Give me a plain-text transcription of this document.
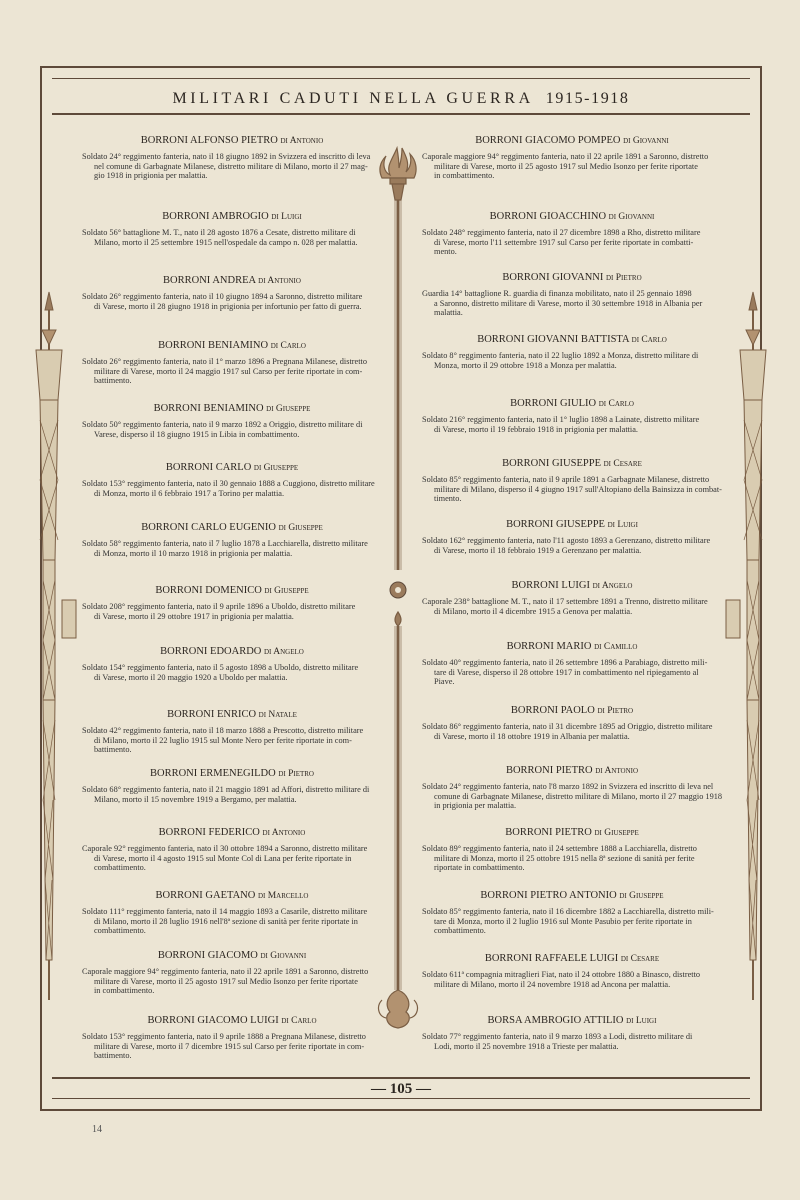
MILITARI CADUTI NELLA GUERRA 1915-1918
BORRONI ALFONSO PIETRO di Antonio
Soldato 24° reggimento fanteria, nato il 18 giugno 1892 in Svizzera ed inscritto di leva
nel comune di Garbagnate Milanese, distretto militare di Milano, morto il 27 mag-
gio 1918 in prigionia per malattia.
BORRONI AMBROGIO di Luigi
Soldato 56° battaglione M. T., nato il 28 agosto 1876 a Cesate, distretto militare di
Milano, morto il 25 settembre 1915 nell'ospedale da campo n. 028 per malattia.
BORRONI ANDREA di Antonio
Soldato 26° reggimento fanteria, nato il 10 giugno 1894 a Saronno, distretto militare
di Varese, morto il 28 giugno 1918 in prigionia per infortunio per fatto di guerra.
BORRONI BENIAMINO di Carlo
Soldato 26° reggimento fanteria, nato il 1° marzo 1896 a Pregnana Milanese, distretto
militare di Varese, morto il 24 maggio 1917 sul Carso per ferite riportate in com-
battimento.
BORRONI BENIAMINO di Giuseppe
Soldato 50° reggimento fanteria, nato il 9 marzo 1892 a Origgio, distretto militare di
Varese, disperso il 18 giugno 1915 in Libia in combattimento.
BORRONI CARLO di Giuseppe
Soldato 153° reggimento fanteria, nato il 30 gennaio 1888 a Cuggiono, distretto militare
di Monza, morto il 6 febbraio 1917 a Torino per malattia.
BORRONI CARLO EUGENIO di Giuseppe
Soldato 58° reggimento fanteria, nato il 7 luglio 1878 a Lacchiarella, distretto militare
di Monza, morto il 10 marzo 1918 in prigionia per malattia.
BORRONI DOMENICO di Giuseppe
Soldato 208° reggimento fanteria, nato il 9 aprile 1896 a Uboldo, distretto militare
di Varese, morto il 29 ottobre 1917 in prigionia per malattia.
BORRONI EDOARDO di Angelo
Soldato 154° reggimento fanteria, nato il 5 agosto 1898 a Uboldo, distretto militare
di Varese, morto il 20 maggio 1920 a Uboldo per malattia.
BORRONI ENRICO di Natale
Soldato 42° reggimento fanteria, nato il 18 marzo 1888 a Prescotto, distretto militare
di Milano, morto il 22 luglio 1915 sul Monte Nero per ferite riportate in com-
battimento.
BORRONI ERMENEGILDO di Pietro
Soldato 68° reggimento fanteria, nato il 21 maggio 1891 ad Affori, distretto militare di
Milano, morto il 15 novembre 1919 a Bergamo, per malattia.
BORRONI FEDERICO di Antonio
Caporale 92° reggimento fanteria, nato il 30 ottobre 1894 a Saronno, distretto militare
di Varese, morto il 4 agosto 1915 sul Monte Col di Lana per ferite riportate in
combattimento.
BORRONI GAETANO di Marcello
Soldato 111° reggimento fanteria, nato il 14 maggio 1893 a Casarile, distretto militare
di Milano, morto il 28 luglio 1916 nell'8ª sezione di sanità per ferite riportate in
combattimento.
BORRONI GIACOMO di Giovanni
Caporale maggiore 94° reggimento fanteria, nato il 22 aprile 1891 a Saronno, distretto
militare di Varese, morto il 25 agosto 1917 sul Medio Isonzo per ferite riportate
in combattimento.
BORRONI GIACOMO LUIGI di Carlo
Soldato 153° reggimento fanteria, nato il 9 aprile 1888 a Pregnana Milanese, distretto
militare di Varese, morto il 7 dicembre 1915 sul Carso per ferite riportate in com-
battimento.
BORRONI GIACOMO POMPEO di Giovanni
Caporale maggiore 94° reggimento fanteria, nato il 22 aprile 1891 a Saronno, distretto
militare di Varese, morto il 25 agosto 1917 sul Medio Isonzo per ferite riportate
in combattimento.
BORRONI GIOACCHINO di Giovanni
Soldato 248° reggimento fanteria, nato il 27 dicembre 1898 a Rho, distretto militare
di Varese, morto l'11 settembre 1917 sul Carso per ferite riportate in combatti-
mento.
BORRONI GIOVANNI di Pietro
Guardia 14° battaglione R. guardia di finanza mobilitato, nato il 25 gennaio 1898
a Saronno, distretto militare di Varese, morto il 30 settembre 1918 in Albania per
malattia.
BORRONI GIOVANNI BATTISTA di Carlo
Soldato 8° reggimento fanteria, nato il 22 luglio 1892 a Monza, distretto militare di
Monza, morto il 29 ottobre 1918 a Monza per malattia.
BORRONI GIULIO di Carlo
Soldato 216° reggimento fanteria, nato il 1° luglio 1898 a Lainate, distretto militare
di Varese, morto il 19 febbraio 1918 in prigionia per malattia.
BORRONI GIUSEPPE di Cesare
Soldato 85° reggimento fanteria, nato il 9 aprile 1891 a Garbagnate Milanese, distretto
militare di Milano, disperso il 4 giugno 1917 sull'Altopiano della Bainsizza in combat-
timento.
BORRONI GIUSEPPE di Luigi
Soldato 162° reggimento fanteria, nato l'11 agosto 1893 a Gerenzano, distretto militare
di Varese, morto il 18 febbraio 1919 a Gerenzano per malattia.
BORRONI LUIGI di Angelo
Caporale 238° battaglione M. T., nato il 17 settembre 1891 a Trenno, distretto militare
di Milano, morto il 4 dicembre 1915 a Genova per malattia.
BORRONI MARIO di Camillo
Soldato 40° reggimento fanteria, nato il 26 settembre 1896 a Parabiago, distretto mili-
tare di Varese, disperso il 28 ottobre 1917 in combattimento nel ripiegamento al
Piave.
BORRONI PAOLO di Pietro
Soldato 86° reggimento fanteria, nato il 31 dicembre 1895 ad Origgio, distretto militare
di Varese, morto il 18 ottobre 1919 in Albania per malattia.
BORRONI PIETRO di Antonio
Soldato 24° reggimento fanteria, nato l'8 marzo 1892 in Svizzera ed inscritto di leva nel
comune di Garbagnate Milanese, distretto militare di Milano, morto il 27 maggio 1918
in prigionia per malattia.
BORRONI PIETRO di Giuseppe
Soldato 89° reggimento fanteria, nato il 24 settembre 1888 a Lacchiarella, distretto
militare di Monza, morto il 25 ottobre 1915 nella 8ª sezione di sanità per ferite
riportate in combattimento.
BORRONI PIETRO ANTONIO di Giuseppe
Soldato 85° reggimento fanteria, nato il 16 dicembre 1882 a Lacchiarella, distretto mili-
tare di Monza, morto il 2 luglio 1916 sul Monte Pasubio per ferite riportate in
combattimento.
BORRONI RAFFAELE LUIGI di Cesare
Soldato 611ª compagnia mitraglieri Fiat, nato il 24 ottobre 1880 a Binasco, distretto
militare di Milano, morto il 24 novembre 1918 ad Ancona per malattia.
BORSA AMBROGIO ATTILIO di Luigi
Soldato 77° reggimento fanteria, nato il 9 marzo 1893 a Lodi, distretto militare di
Lodi, morto il 25 novembre 1918 a Trieste per malattia.
— 105 —
14
